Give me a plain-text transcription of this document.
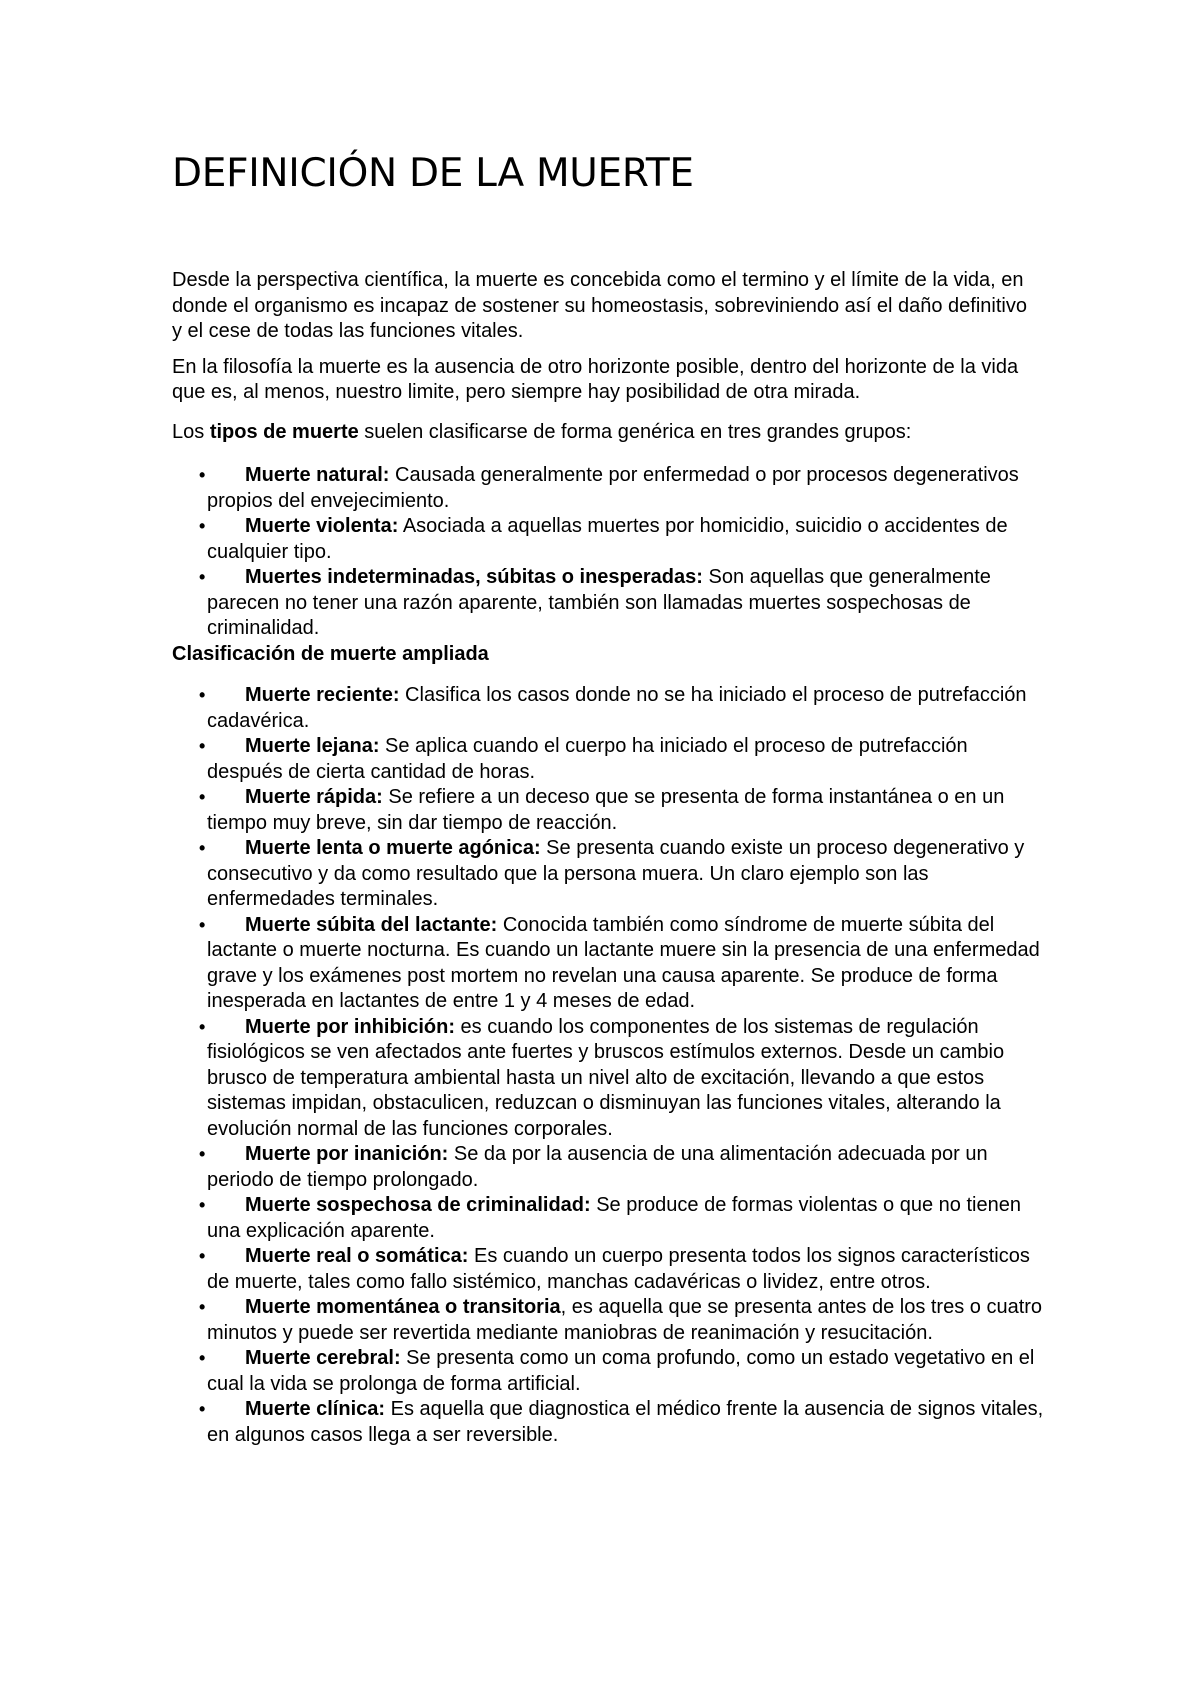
DEFINICIÓN DE LA MUERTE

Desde la perspectiva científica, la muerte es concebida como el termino y el límite de la vida, en donde el organismo es incapaz de sostener su homeostasis, sobreviniendo así el daño definitivo y el cese de todas las funciones vitales.

En la filosofía la muerte es la ausencia de otro horizonte posible, dentro del horizonte de la vida que es, al menos, nuestro limite, pero siempre hay posibilidad de otra mirada.

Los tipos de muerte suelen clasificarse de forma genérica en tres grandes grupos:

•	Muerte natural: Causada generalmente por enfermedad o por procesos degenerativos propios del envejecimiento.
•	Muerte violenta: Asociada a aquellas muertes por homicidio, suicidio o accidentes de cualquier tipo.
•	Muertes indeterminadas, súbitas o inesperadas: Son aquellas que generalmente parecen no tener una razón aparente, también son llamadas muertes sospechosas de criminalidad.

Clasificación de muerte ampliada

•	Muerte reciente: Clasifica los casos donde no se ha iniciado el proceso de putrefacción cadavérica.
•	Muerte lejana: Se aplica cuando el cuerpo ha iniciado el proceso de putrefacción después de cierta cantidad de horas.
•	Muerte rápida: Se refiere a un deceso que se presenta de forma instantánea o en un tiempo muy breve, sin dar tiempo de reacción.
•	Muerte lenta o muerte agónica: Se presenta cuando existe un proceso degenerativo y consecutivo y da como resultado que la persona muera. Un claro ejemplo son las enfermedades terminales.
•	Muerte súbita del lactante: Conocida también como síndrome de muerte súbita del lactante o muerte nocturna. Es cuando un lactante muere sin la presencia de una enfermedad grave y los exámenes post mortem no revelan una causa aparente. Se produce de forma inesperada en lactantes de entre 1 y 4 meses de edad.
•	Muerte por inhibición: es cuando los componentes de los sistemas de regulación fisiológicos se ven afectados ante fuertes y bruscos estímulos externos. Desde un cambio brusco de temperatura ambiental hasta un nivel alto de excitación, llevando a que estos sistemas impidan, obstaculicen, reduzcan o disminuyan las funciones vitales, alterando la evolución normal de las funciones corporales.
•	Muerte por inanición: Se da por la ausencia de una alimentación adecuada por un periodo de tiempo prolongado.
•	Muerte sospechosa de criminalidad: Se produce de formas violentas o que no tienen una explicación aparente.
•	Muerte real o somática: Es cuando un cuerpo presenta todos los signos característicos de muerte, tales como fallo sistémico, manchas cadavéricas o lividez, entre otros.
•	Muerte momentánea o transitoria, es aquella que se presenta antes de los tres o cuatro minutos y puede ser revertida mediante maniobras de reanimación y resucitación.
•	Muerte cerebral: Se presenta como un coma profundo, como un estado vegetativo en el cual la vida se prolonga de forma artificial.
•	Muerte clínica: Es aquella que diagnostica el médico frente la ausencia de signos vitales, en algunos casos llega a ser reversible.
